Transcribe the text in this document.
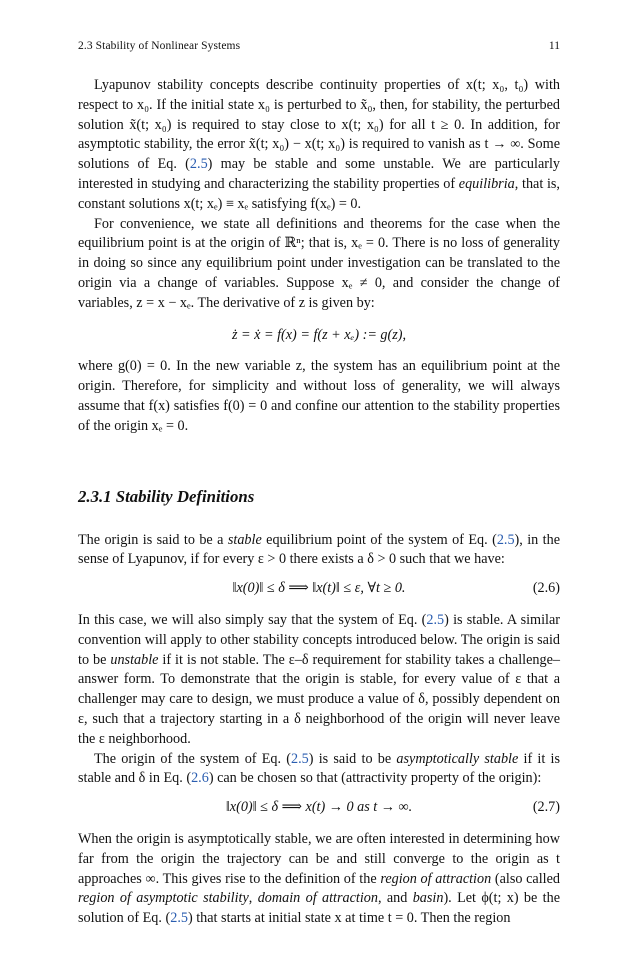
2.3 Stability of Nonlinear Systems	11

Lyapunov stability concepts describe continuity properties of x(t; x₀, t₀) with respect to x₀. If the initial state x₀ is perturbed to x̃₀, then, for stability, the perturbed solution x̃(t; x₀) is required to stay close to x(t; x₀) for all t ≥ 0. In addition, for asymptotic stability, the error x̃(t; x₀) − x(t; x₀) is required to vanish as t → ∞. Some solutions of Eq. (2.5) may be stable and some unstable. We are particularly interested in studying and characterizing the stability properties of equilibria, that is, constant solutions x(t; xₑ) ≡ xₑ satisfying f(xₑ) = 0.

For convenience, we state all definitions and theorems for the case when the equilibrium point is at the origin of ℝⁿ; that is, xₑ = 0. There is no loss of generality in doing so since any equilibrium point under investigation can be translated to the origin via a change of variables. Suppose xₑ ≠ 0, and consider the change of variables, z = x − xₑ. The derivative of z is given by:

ż = ẋ = f(x) = f(z + xₑ) := g(z),

where g(0) = 0. In the new variable z, the system has an equilibrium point at the origin. Therefore, for simplicity and without loss of generality, we will always assume that f(x) satisfies f(0) = 0 and confine our attention to the stability properties of the origin xₑ = 0.

2.3.1 Stability Definitions

The origin is said to be a stable equilibrium point of the system of Eq. (2.5), in the sense of Lyapunov, if for every ε > 0 there exists a δ > 0 such that we have:

‖x(0)‖ ≤ δ ⟹ ‖x(t)‖ ≤ ε, ∀t ≥ 0.	(2.6)

In this case, we will also simply say that the system of Eq. (2.5) is stable. A similar convention will apply to other stability concepts introduced below. The origin is said to be unstable if it is not stable. The ε–δ requirement for stability takes a challenge–answer form. To demonstrate that the origin is stable, for every value of ε that a challenger may care to design, we must produce a value of δ, possibly dependent on ε, such that a trajectory starting in a δ neighborhood of the origin will never leave the ε neighborhood.

The origin of the system of Eq. (2.5) is said to be asymptotically stable if it is stable and δ in Eq. (2.6) can be chosen so that (attractivity property of the origin):

‖x(0)‖ ≤ δ ⟹ x(t) → 0 as t → ∞.	(2.7)

When the origin is asymptotically stable, we are often interested in determining how far from the origin the trajectory can be and still converge to the origin as t approaches ∞. This gives rise to the definition of the region of attraction (also called region of asymptotic stability, domain of attraction, and basin). Let ϕ(t; x) be the solution of Eq. (2.5) that starts at initial state x at time t = 0. Then the region
